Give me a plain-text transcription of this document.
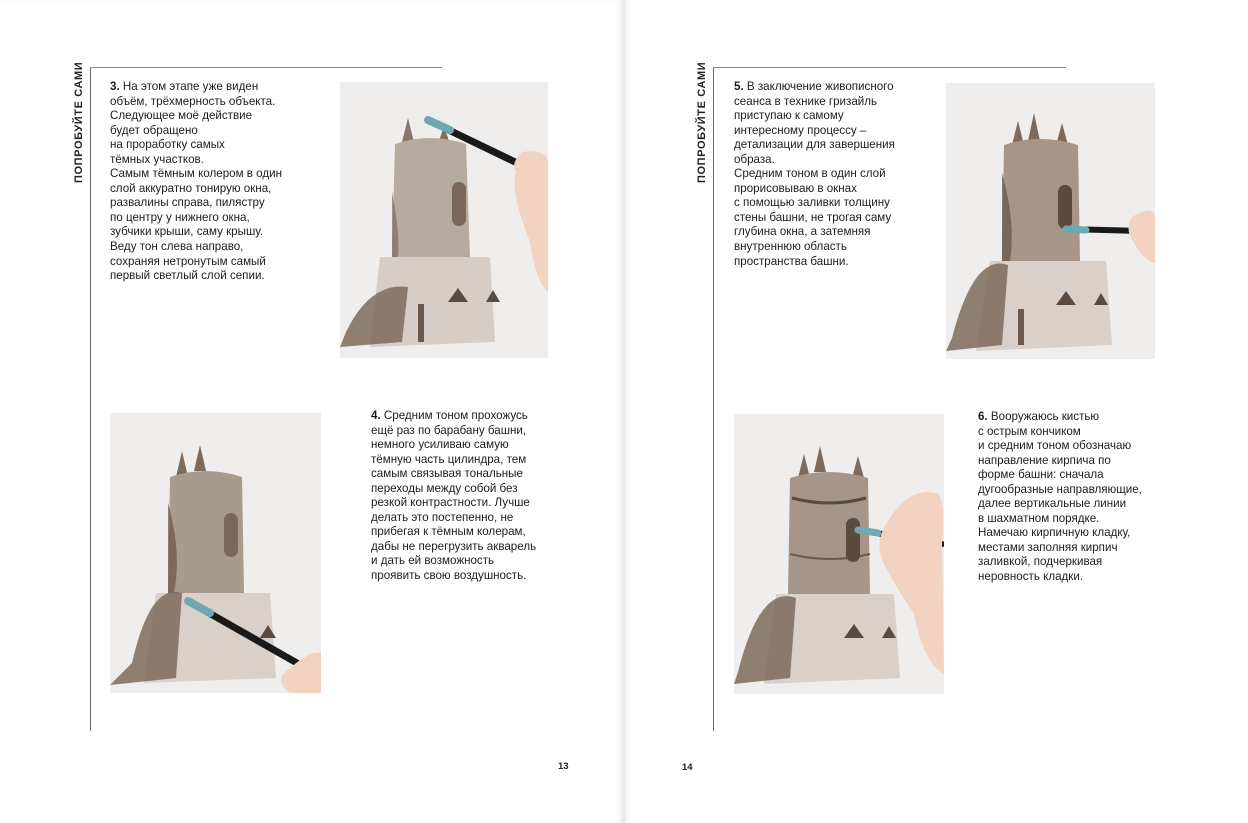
ПОПРОБУЙТЕ САМИ 3. На этом этапе уже виден
объём, трёхмерность объекта.
Следующее моё действие
будет обращено
на проработку самых
тёмных участков.
Самым тёмным колером в один
слой аккуратно тонирую окна,
развалины справа, пилястру
по центру у нижнего окна,
зубчики крыши, саму крышу.
Веду тон слева направо,
сохраняя нетронутым самый
первый светлый слой сепии.
4. Средним тоном прохожусь
ещё раз по барабану башни,
немного усиливаю самую
тёмную часть цилиндра, тем
самым связывая тональные
переходы между собой без
резкой контрастности. Лучше
делать это постепенно, не
прибегая к тёмным колерам,
дабы не перегрузить акварель
и дать ей возможность
проявить свою воздушность.
13
ПОПРОБУЙТЕ САМИ 5. В заключение живописного
сеанса в технике гризайль
приступаю к самому
интересному процессу –
детализации для завершения
образа.
Средним тоном в один слой
прорисовываю в окнах
с помощью заливки толщину
стены башни, не трогая саму
глубина окна, а затемняя
внутреннюю область
пространства башни.
6. Вооружаюсь кистью
с острым кончиком
и средним тоном обозначаю
направление кирпича по
форме башни: сначала
дугообразные направляющие,
далее вертикальные линии
в шахматном порядке.
Намечаю кирпичную кладку,
местами заполняя кирпич
заливкой, подчеркивая
неровность кладки.
14
